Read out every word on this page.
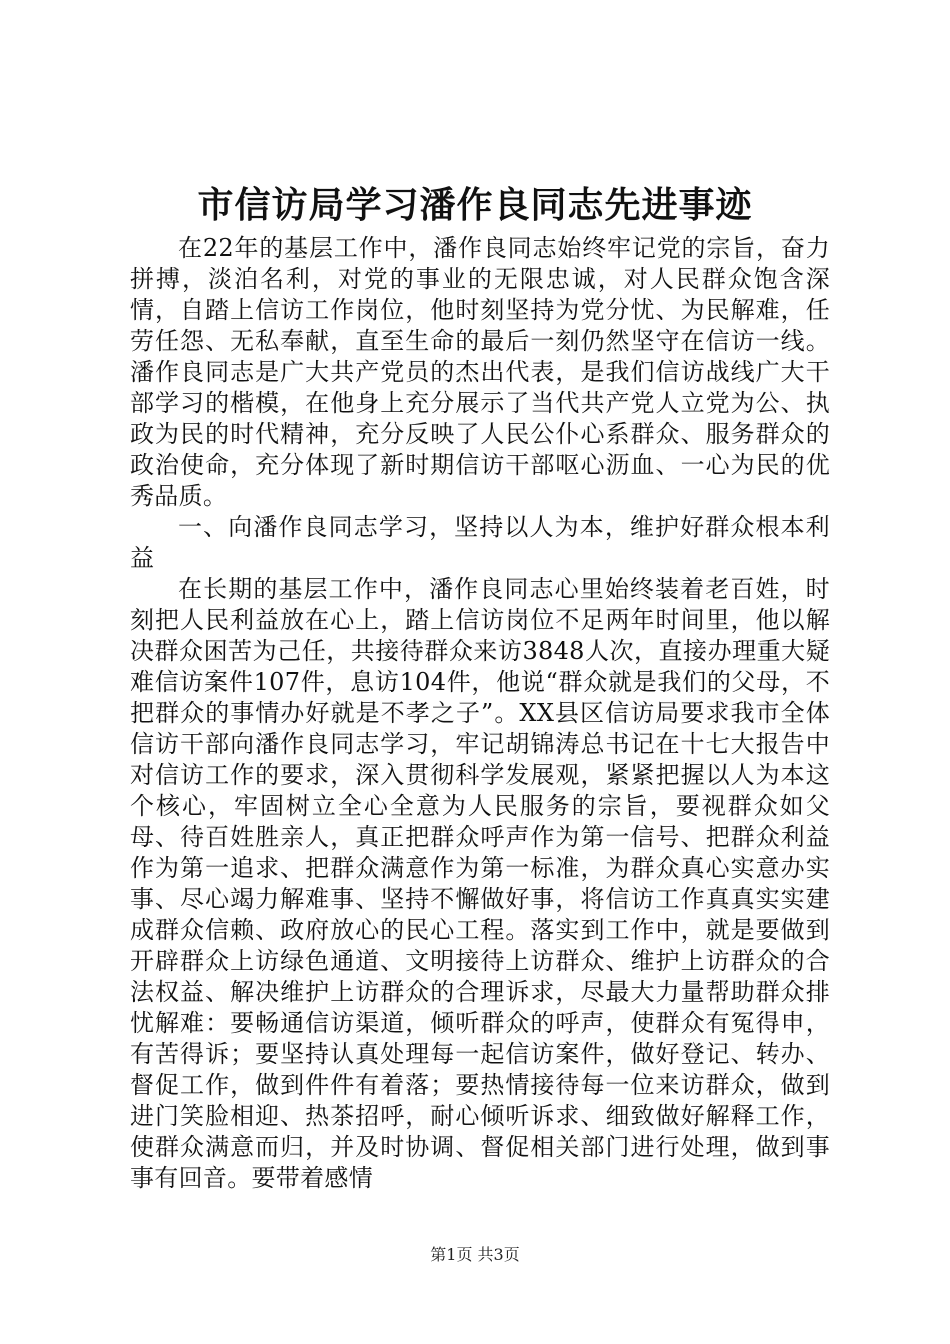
市信访局学习潘作良同志先进事迹

在22年的基层工作中，潘作良同志始终牢记党的宗旨，奋力拼搏，淡泊名利，对党的事业的无限忠诚，对人民群众饱含深情，自踏上信访工作岗位，他时刻坚持为党分忧、为民解难，任劳任怨、无私奉献，直至生命的最后一刻仍然坚守在信访一线。潘作良同志是广大共产党员的杰出代表，是我们信访战线广大干部学习的楷模，在他身上充分展示了当代共产党人立党为公、执政为民的时代精神，充分反映了人民公仆心系群众、服务群众的政治使命，充分体现了新时期信访干部呕心沥血、一心为民的优秀品质。

一、向潘作良同志学习，坚持以人为本，维护好群众根本利益

在长期的基层工作中，潘作良同志心里始终装着老百姓，时刻把人民利益放在心上，踏上信访岗位不足两年时间里，他以解决群众困苦为己任，共接待群众来访3848人次，直接办理重大疑难信访案件107件，息访104件，他说“群众就是我们的父母，不把群众的事情办好就是不孝之子”。XX县区信访局要求我市全体信访干部向潘作良同志学习，牢记胡锦涛总书记在十七大报告中对信访工作的要求，深入贯彻科学发展观，紧紧把握以人为本这个核心，牢固树立全心全意为人民服务的宗旨，要视群众如父母、待百姓胜亲人，真正把群众呼声作为第一信号、把群众利益作为第一追求、把群众满意作为第一标准，为群众真心实意办实事、尽心竭力解难事、坚持不懈做好事，将信访工作真真实实建成群众信赖、政府放心的民心工程。落实到工作中，就是要做到开辟群众上访绿色通道、文明接待上访群众、维护上访群众的合法权益、解决维护上访群众的合理诉求，尽最大力量帮助群众排忧解难：要畅通信访渠道，倾听群众的呼声，使群众有冤得申，有苦得诉；要坚持认真处理每一起信访案件，做好登记、转办、督促工作，做到件件有着落；要热情接待每一位来访群众，做到进门笑脸相迎、热茶招呼，耐心倾听诉求、细致做好解释工作，使群众满意而归，并及时协调、督促相关部门进行处理，做到事事有回音。要带着感情

第1页 共3页
